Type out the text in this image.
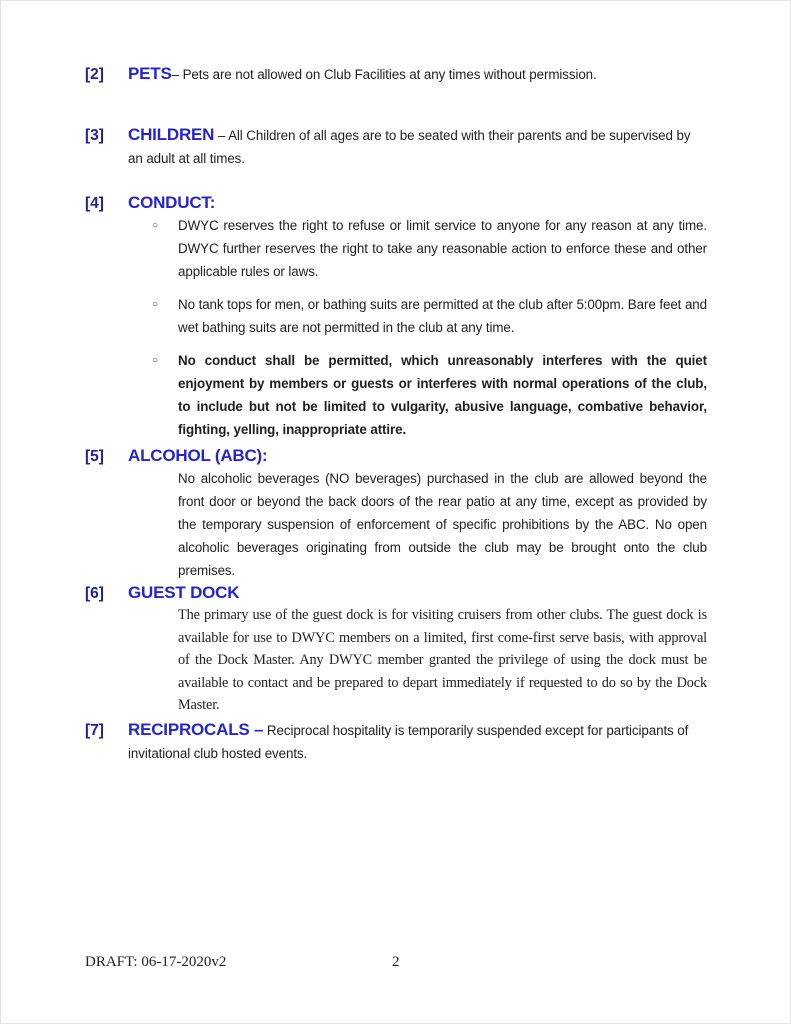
[2]	PETS– Pets are not allowed on Club Facilities at any times without permission.

[3]	CHILDREN – All Children of all ages are to be seated with their parents and be supervised by an adult at all times.

[4]	CONDUCT:
○	DWYC reserves the right to refuse or limit service to anyone for any reason at any time. DWYC further reserves the right to take any reasonable action to enforce these and other applicable rules or laws.

○	No tank tops for men, or bathing suits are permitted at the club after 5:00pm. Bare feet and wet bathing suits are not permitted in the club at any time.

○	No conduct shall be permitted, which unreasonably interferes with the quiet enjoyment by members or guests or interferes with normal operations of the club, to include but not be limited to vulgarity, abusive language, combative behavior, fighting, yelling, inappropriate attire.

[5]	ALCOHOL (ABC):

No alcoholic beverages (NO beverages) purchased in the club are allowed beyond the front door or beyond the back doors of the rear patio at any time, except as provided by the temporary suspension of enforcement of specific prohibitions by the ABC. No open alcoholic beverages originating from outside the club may be brought onto the club premises.

[6]	GUEST DOCK

The primary use of the guest dock is for visiting cruisers from other clubs. The guest dock is available for use to DWYC members on a limited, first come-first serve basis, with approval of the Dock Master. Any DWYC member granted the privilege of using the dock must be available to contact and be prepared to depart immediately if requested to do so by the Dock Master.

[7]	RECIPROCALS – Reciprocal hospitality is temporarily suspended except for participants of invitational club hosted events.

DRAFT: 06-17-2020v2	2
